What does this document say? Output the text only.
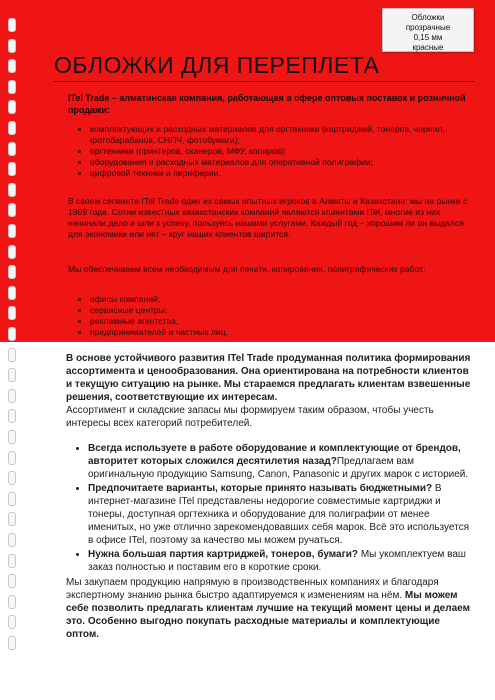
Обложки
прозрачные
0,15 мм
красные
ОБЛОЖКИ ДЛЯ ПЕРЕПЛЕТА
ITel Trade – алматинская компания, работающая в сфере оптовых поставок и розничной продажи:
• комплектующих и расходных материалов для оргтехники (картриджей, тонеров, чернил, фотобарабанов, СНПЧ, фотобумаги);
• оргтехники (принтеров, сканеров, МФУ, копиров);
• оборудования и расходных материалов для оперативной полиграфии;
• цифровой техники и периферии.
В своем сегменте ITel Trade один из самых опытных игроков в Алматы и Казахстане: мы на рынке с 1999 года. Сотни известных казахстанских компаний являются клиентами ITel, многие из них начинали дело и шли к успеху, пользуясь нашими услугами. Каждый год – хорошим ли он выдался для экономики или нет – круг наших клиентов ширится.
Мы обеспечиваем всем необходимым для печати, копирования, полиграфических работ:
• офисы компаний;
• сервисные центры;
• рекламные агентства;
• предпринимателей и частных лиц.
В основе устойчивого развития ITel Trade продуманная политика формирования ассортимента и ценообразования. Она ориентирована на потребности клиентов и текущую ситуацию на рынке. Мы стараемся предлагать клиентам взвешенные решения, соответствующие их интересам.
Ассортимент и складские запасы мы формируем таким образом, чтобы учесть интересы всех категорий потребителей.
• Всегда используете в работе оборудование и комплектующие от брендов, авторитет которых сложился десятилетия назад?Предлагаем вам оригинальную продукцию Samsung, Canon, Panasonic и других марок с историей.
• Предпочитаете варианты, которые принято называть бюджетными? В интернет-магазине ITel представлены недорогие совместимые картриджи и тонеры, доступная оргтехника и оборудование для полиграфии от менее именитых, но уже отлично зарекомендовавших себя марок. Всё это используется в офисе ITel, поэтому за качество мы можем ручаться.
• Нужна большая партия картриджей, тонеров, бумаги? Мы укомплектуем ваш заказ полностью и поставим его в короткие сроки.
Мы закупаем продукцию напрямую в производственных компаниях и благодаря экспертному знанию рынка быстро адаптируемся к изменениям на нём. Мы можем себе позволить предлагать клиентам лучшие на текущий момент цены и делаем это. Особенно выгодно покупать расходные материалы и комплектующие оптом.
